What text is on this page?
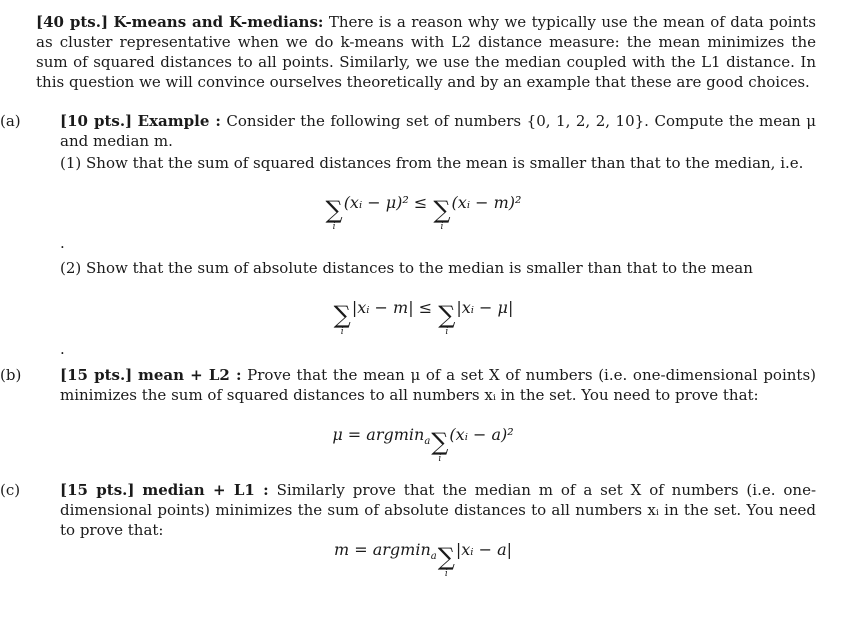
[40 pts.] K-means and K-medians: There is a reason why we typically use the mean of data points as cluster representative when we do k-means with L2 distance measure: the mean minimizes the sum of squared distances to all points. Similarly, we use the median coupled with the L1 distance. In this question we will convince ourselves theoretically and by an example that these are good choices.

(a)	[10 pts.] Example : Consider the following set of numbers {0, 1, 2, 2, 10}. Compute the mean μ and median m.

(1) Show that the sum of squared distances from the mean is smaller than that to the median, i.e.

∑
i
(xᵢ − μ)² ≤ ∑
i
(xᵢ − m)²
.

(2) Show that the sum of absolute distances to the median is smaller than that to the mean

∑
i
|xᵢ − m| ≤ ∑
i
|xᵢ − μ|
.

(b)	[15 pts.] mean + L2 : Prove that the mean μ of a set X of numbers (i.e. one-dimensional points) minimizes the sum of squared distances to all numbers xᵢ in the set. You need to prove that:

μ = argmin$_a$ ∑
i
(xᵢ − a)²

(c)	[15 pts.] median + L1 : Similarly prove that the median m of a set X of numbers (i.e. one-dimensional points) minimizes the sum of absolute distances to all numbers xᵢ in the set. You need to prove that:

m = argmin$_a$ ∑
i
|xᵢ − a|
